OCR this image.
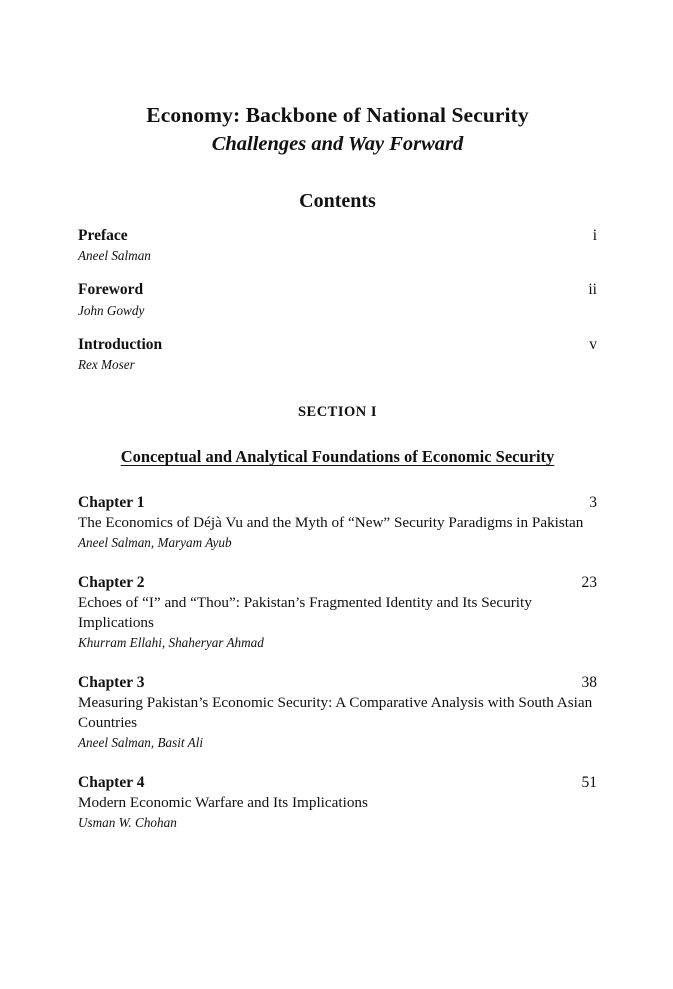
Economy: Backbone of National Security
Challenges and Way Forward
Contents
Preface	i
Aneel Salman
Foreword	ii
John Gowdy
Introduction	v
Rex Moser
SECTION I
Conceptual and Analytical Foundations of Economic Security
Chapter 1	3
The Economics of Déjà Vu and the Myth of “New” Security Paradigms in Pakistan
Aneel Salman, Maryam Ayub
Chapter 2	23
Echoes of “I” and “Thou”: Pakistan’s Fragmented Identity and Its Security Implications
Khurram Ellahi, Shaheryar Ahmad
Chapter 3	38
Measuring Pakistan’s Economic Security: A Comparative Analysis with South Asian Countries
Aneel Salman, Basit Ali
Chapter 4	51
Modern Economic Warfare and Its Implications
Usman W. Chohan
